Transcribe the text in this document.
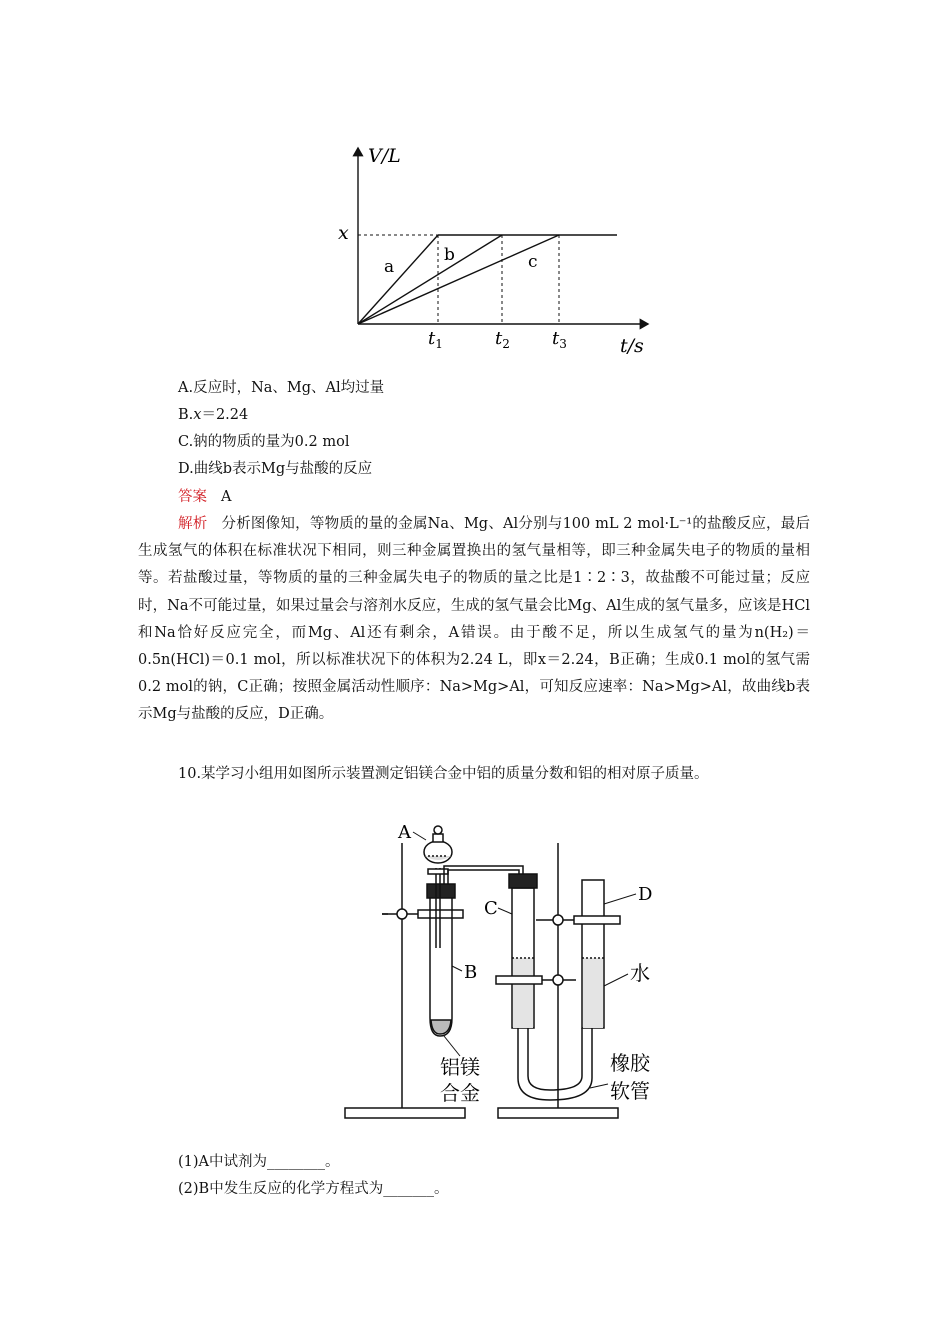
V/L
t/s
x
a
b	c
$t_1$	$t_2$ $t_3$
A.反应时，Na、Mg、Al均过量
B.x＝2.24
C.钠的物质的量为0.2 mol
D.曲线b表示Mg与盐酸的反应
答案 A
解析 分析图像知，等物质的量的金属Na、Mg、Al分别与100 mL 2 mol·L⁻¹的盐酸反应，最后生成氢气的体积在标准状况下相同，则三种金属置换出的氢气量相等，即三种金属失电子的物质的量相等。若盐酸过量，等物质的量的三种金属失电子的物质的量之比是1∶2∶3，故盐酸不可能过量；反应时，Na不可能过量，如果过量会与溶剂水反应，生成的氢气量会比Mg、Al生成的氢气量多，应该是HCl和Na恰好反应完全，而Mg、Al还有剩余，A错误。由于酸不足，所以生成氢气的量为n(H₂)＝0.5n(HCl)＝0.1 mol，所以标准状况下的体积为2.24 L，即x＝2.24，B正确；生成0.1 mol的氢气需0.2 mol的钠，C正确；按照金属活动性顺序：Na>Mg>Al，可知反应速率：Na>Mg>Al，故曲线b表示Mg与盐酸的反应，D正确。
10.某学习小组用如图所示装置测定铝镁合金中铝的质量分数和铝的相对原子质量。
A
B
C
D
水
铝镁
合金
橡胶
软管
(1)A中试剂为________。
(2)B中发生反应的化学方程式为_______。
